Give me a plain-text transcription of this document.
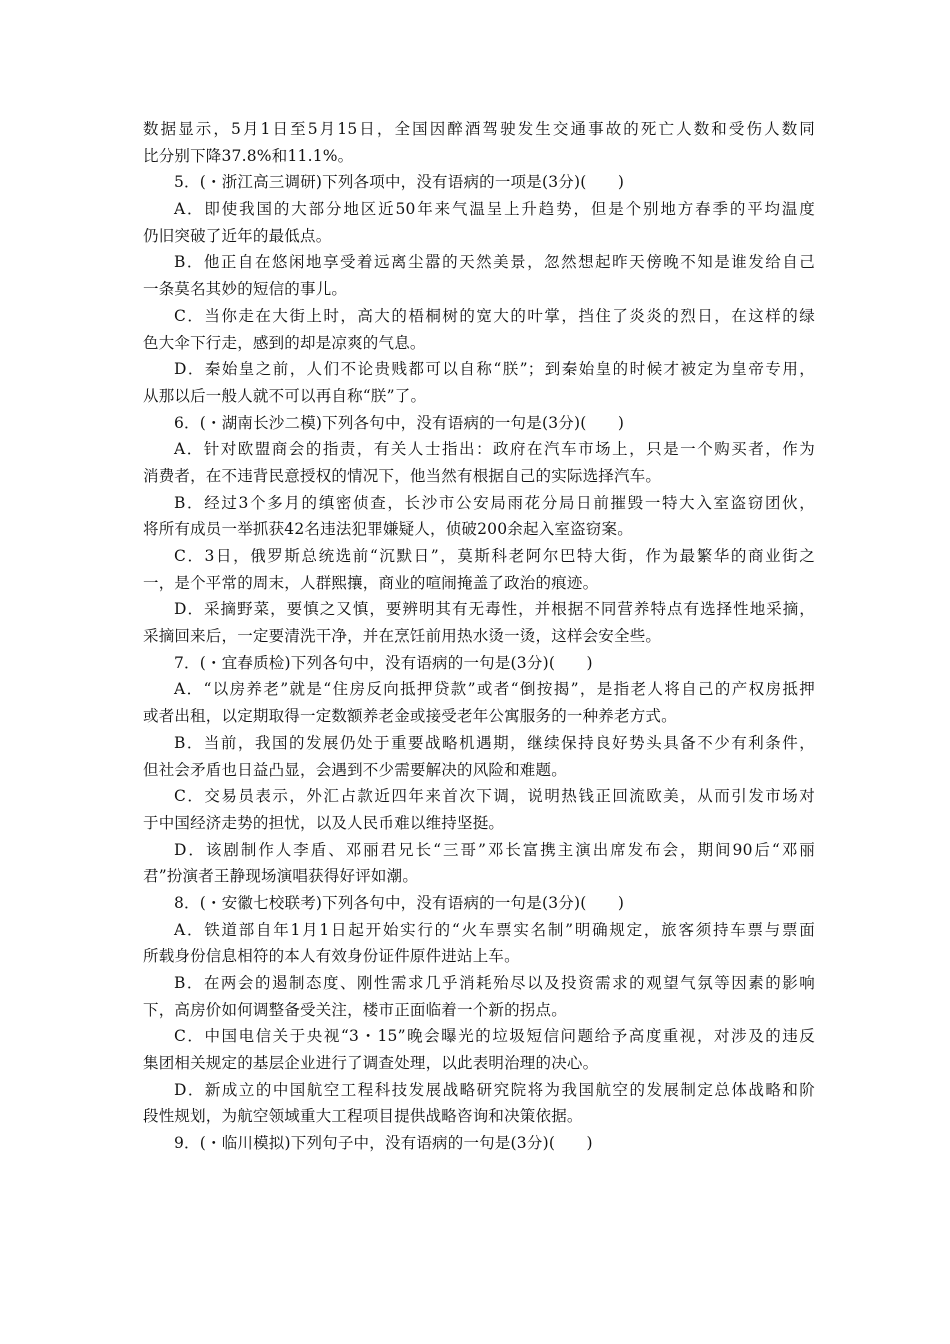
数据显示，5月1日至5月15日，全国因醉酒驾驶发生交通事故的死亡人数和受伤人数同
比分别下降37.8%和11.1%。
5．(・浙江高三调研)下列各项中，没有语病的一项是(3分)(　　)
A．即使我国的大部分地区近50年来气温呈上升趋势，但是个别地方春季的平均温度
仍旧突破了近年的最低点。
B．他正自在悠闲地享受着远离尘嚣的天然美景，忽然想起昨天傍晚不知是谁发给自己
一条莫名其妙的短信的事儿。
C．当你走在大街上时，高大的梧桐树的宽大的叶掌，挡住了炎炎的烈日，在这样的绿
色大伞下行走，感到的却是凉爽的气息。
D．秦始皇之前，人们不论贵贱都可以自称“朕”；到秦始皇的时候才被定为皇帝专用，
从那以后一般人就不可以再自称“朕”了。
6．(・湖南长沙二模)下列各句中，没有语病的一句是(3分)(　　)
A．针对欧盟商会的指责，有关人士指出：政府在汽车市场上，只是一个购买者，作为
消费者，在不违背民意授权的情况下，他当然有根据自己的实际选择汽车。
B．经过3个多月的缜密侦查，长沙市公安局雨花分局日前摧毁一特大入室盗窃团伙，
将所有成员一举抓获42名违法犯罪嫌疑人，侦破200余起入室盗窃案。
C．3日，俄罗斯总统选前“沉默日”，莫斯科老阿尔巴特大街，作为最繁华的商业街之
一，是个平常的周末，人群熙攘，商业的喧闹掩盖了政治的痕迹。
D．采摘野菜，要慎之又慎，要辨明其有无毒性，并根据不同营养特点有选择性地采摘，
采摘回来后，一定要清洗干净，并在烹饪前用热水烫一烫，这样会安全些。
7．(・宜春质检)下列各句中，没有语病的一句是(3分)(　　)
A．“以房养老”就是“住房反向抵押贷款”或者“倒按揭”，是指老人将自己的产权房抵押
或者出租，以定期取得一定数额养老金或接受老年公寓服务的一种养老方式。
B．当前，我国的发展仍处于重要战略机遇期，继续保持良好势头具备不少有利条件，
但社会矛盾也日益凸显，会遇到不少需要解决的风险和难题。
C．交易员表示，外汇占款近四年来首次下调，说明热钱正回流欧美，从而引发市场对
于中国经济走势的担忧，以及人民币难以维持坚挺。
D．该剧制作人李盾、邓丽君兄长“三哥”邓长富携主演出席发布会，期间90后“邓丽
君”扮演者王静现场演唱获得好评如潮。
8．(・安徽七校联考)下列各句中，没有语病的一句是(3分)(　　)
A．铁道部自年1月1日起开始实行的“火车票实名制”明确规定，旅客须持车票与票面
所载身份信息相符的本人有效身份证件原件进站上车。
B．在两会的遏制态度、刚性需求几乎消耗殆尽以及投资需求的观望气氛等因素的影响
下，高房价如何调整备受关注，楼市正面临着一个新的拐点。
C．中国电信关于央视“3・15”晚会曝光的垃圾短信问题给予高度重视，对涉及的违反
集团相关规定的基层企业进行了调查处理，以此表明治理的决心。
D．新成立的中国航空工程科技发展战略研究院将为我国航空的发展制定总体战略和阶
段性规划，为航空领域重大工程项目提供战略咨询和决策依据。
9．(・临川模拟)下列句子中，没有语病的一句是(3分)(　　)
